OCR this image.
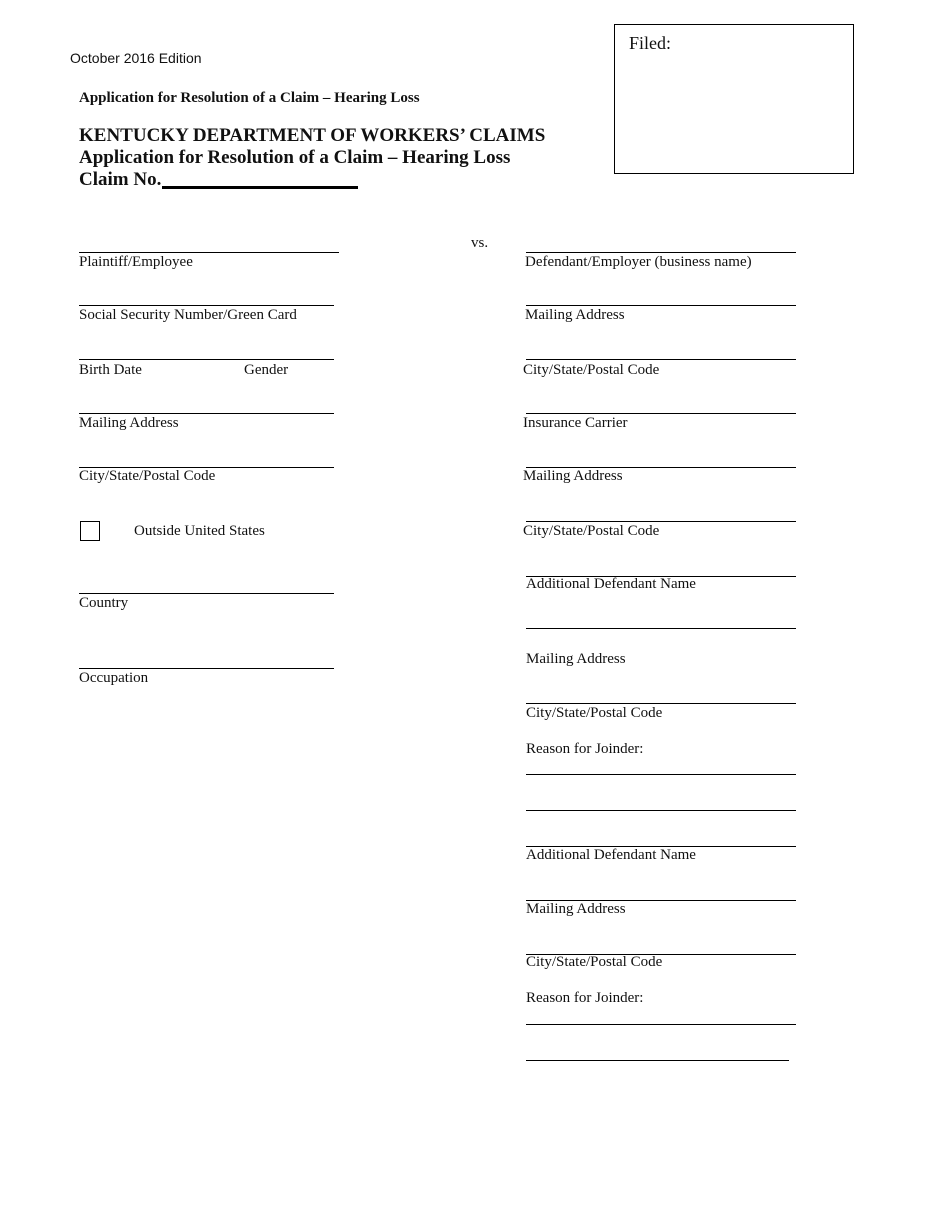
October 2016 Edition
Application for Resolution of a Claim – Hearing Loss
KENTUCKY DEPARTMENT OF WORKERS’ CLAIMS
Application for Resolution of a Claim – Hearing Loss
Claim No.
Filed:
vs.
Plaintiff/Employee
Social Security Number/Green Card
Birth Date	Gender
Mailing Address
City/State/Postal Code
Outside United States
Country
Occupation
Defendant/Employer (business name)
Mailing Address
City/State/Postal Code
Insurance Carrier
Mailing Address
City/State/Postal Code
Additional Defendant Name
Mailing Address
City/State/Postal Code
Reason for Joinder:
Additional Defendant Name
Mailing Address
City/State/Postal Code
Reason for Joinder:
